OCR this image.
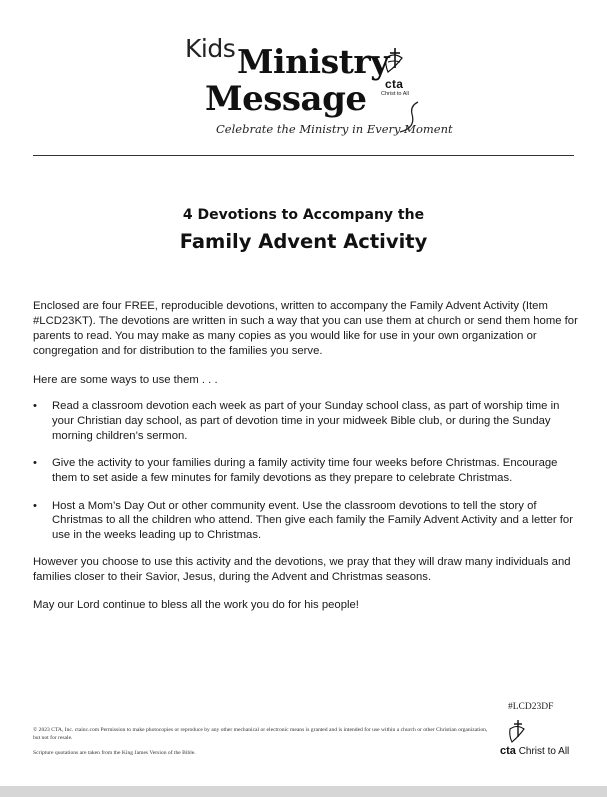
Kids Ministry
Message cta
Christ to All
Celebrate the Ministry in Every Moment
4 Devotions to Accompany the
Family Advent Activity

Enclosed are four FREE, reproducible devotions, written to accompany the Family Advent Activity (Item #LCD23KT). The devotions are written in such a way that you can use them at church or send them home for parents to read. You may make as many copies as you would like for use in your own organization or congregation and for distribution to the families you serve.

Here are some ways to use them . . .

• Read a classroom devotion each week as part of your Sunday school class, as part of worship time in your Christian day school, as part of devotion time in your midweek Bible club, or during the Sunday morning children’s sermon.
• Give the activity to your families during a family activity time four weeks before Christmas. Encourage them to set aside a few minutes for family devotions as they prepare to celebrate Christmas.
• Host a Mom’s Day Out or other community event. Use the classroom devotions to tell the story of Christmas to all the children who attend. Then give each family the Family Advent Activity and a letter for use in the weeks leading up to Christmas.

However you choose to use this activity and the devotions, we pray that they will draw many individuals and families closer to their Savior, Jesus, during the Advent and Christmas seasons.

May our Lord continue to bless all the work you do for his people!

#LCD23DF

© 2023 CTA, Inc. ctainc.com Permission to make photocopies or reproduce by any other mechanical or electronic means is granted and is intended for use within a church or other Christian organization, but not for resale.

Scripture quotations are taken from the King James Version of the Bible.	cta Christ to All
